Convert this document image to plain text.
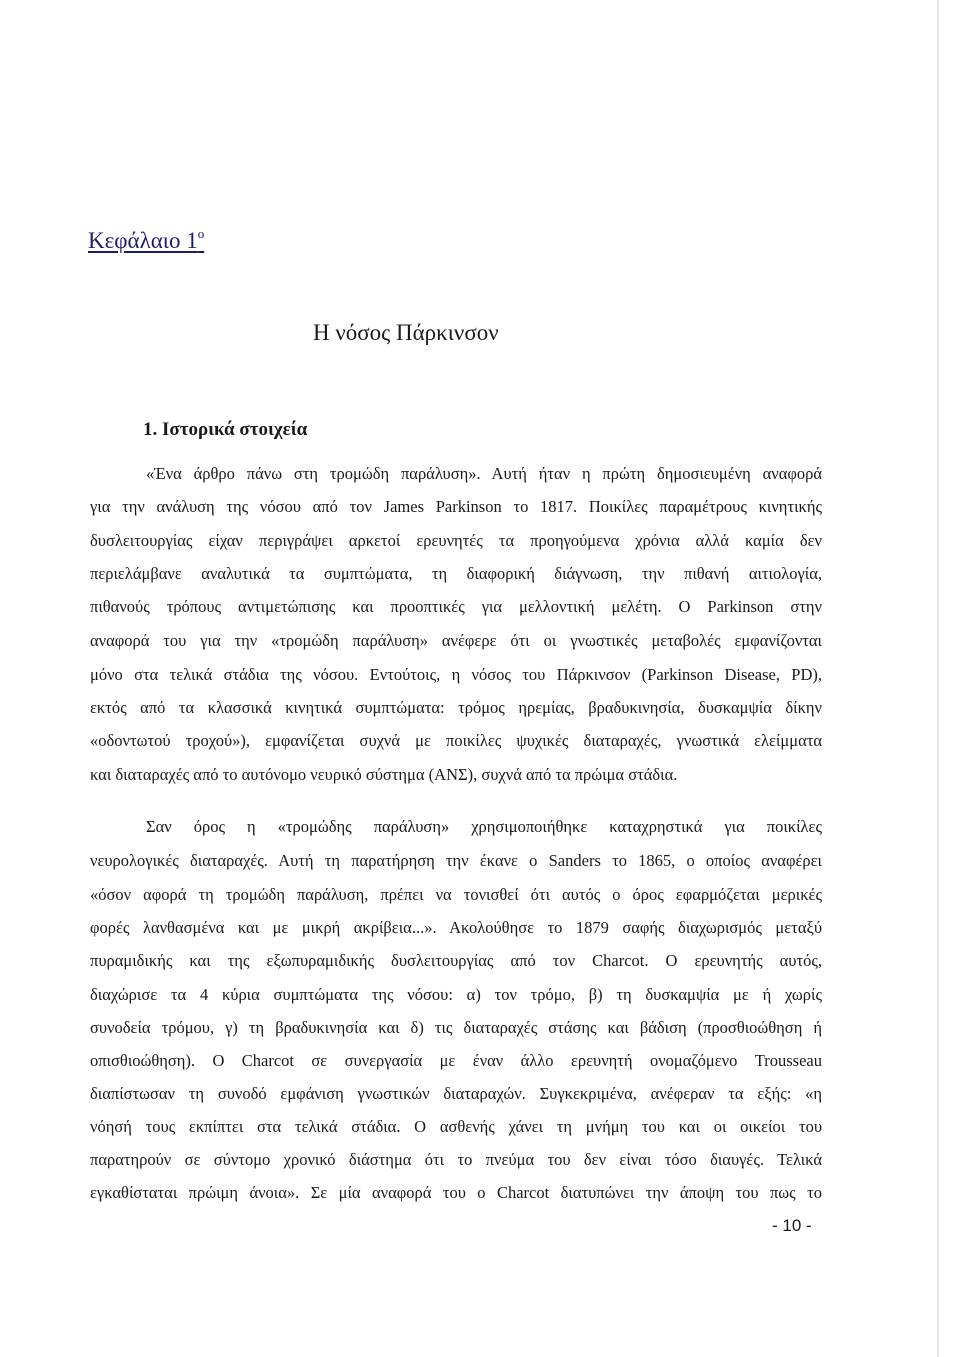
Κεφάλαιο $1^o$
Η νόσος Πάρκινσον
1. Ιστορικά στοιχεία
«Ένα άρθρο πάνω στη τρομώδη παράλυση». Αυτή ήταν η πρώτη δημοσιευμένη αναφορά
για την ανάλυση της νόσου από τον James Parkinson το 1817. Ποικίλες παραμέτρους κινητικής
δυσλειτουργίας είχαν περιγράψει αρκετοί ερευνητές τα προηγούμενα χρόνια αλλά καμία δεν
περιελάμβανε αναλυτικά τα συμπτώματα, τη διαφορική διάγνωση, την πιθανή αιτιολογία,
πιθανούς τρόπους αντιμετώπισης και προοπτικές για μελλοντική μελέτη. Ο Parkinson στην
αναφορά του για την «τρομώδη παράλυση» ανέφερε ότι οι γνωστικές μεταβολές εμφανίζονται
μόνο στα τελικά στάδια της νόσου. Εντούτοις, η νόσος του Πάρκινσον (Parkinson Disease, PD),
εκτός από τα κλασσικά κινητικά συμπτώματα: τρόμος ηρεμίας, βραδυκινησία, δυσκαμψία δίκην
«οδοντωτού τροχού»), εμφανίζεται συχνά με ποικίλες ψυχικές διαταραχές, γνωστικά ελείμματα
και διαταραχές από το αυτόνομο νευρικό σύστημα (ΑΝΣ), συχνά από τα πρώιμα στάδια.
Σαν όρος η «τρομώδης παράλυση» χρησιμοποιήθηκε καταχρηστικά για ποικίλες
νευρολογικές διαταραχές. Αυτή τη παρατήρηση την έκανε ο Sanders το 1865, ο οποίος αναφέρει
«όσον αφορά τη τρομώδη παράλυση, πρέπει να τονισθεί ότι αυτός ο όρος εφαρμόζεται μερικές
φορές λανθασμένα και με μικρή ακρίβεια...». Ακολούθησε το 1879 σαφής διαχωρισμός μεταξύ
πυραμιδικής και της εξωπυραμιδικής δυσλειτουργίας από τον Charcot. Ο ερευνητής αυτός,
διαχώρισε τα 4 κύρια συμπτώματα της νόσου: α) τον τρόμο, β) τη δυσκαμψία με ή χωρίς
συνοδεία τρόμου, γ) τη βραδυκινησία και δ) τις διαταραχές στάσης και βάδιση (προσθιοώθηση ή
οπισθιοώθηση). Ο Charcot σε συνεργασία με έναν άλλο ερευνητή ονομαζόμενο Trousseau
διαπίστωσαν τη συνοδό εμφάνιση γνωστικών διαταραχών. Συγκεκριμένα, ανέφεραν τα εξής: «η
νόησή τους εκπίπτει στα τελικά στάδια. Ο ασθενής χάνει τη μνήμη του και οι οικείοι του
παρατηρούν σε σύντομο χρονικό διάστημα ότι το πνεύμα του δεν είναι τόσο διαυγές. Τελικά
εγκαθίσταται πρώιμη άνοια». Σε μία αναφορά του ο Charcot διατυπώνει την άποψη του πως το
- 10 -
